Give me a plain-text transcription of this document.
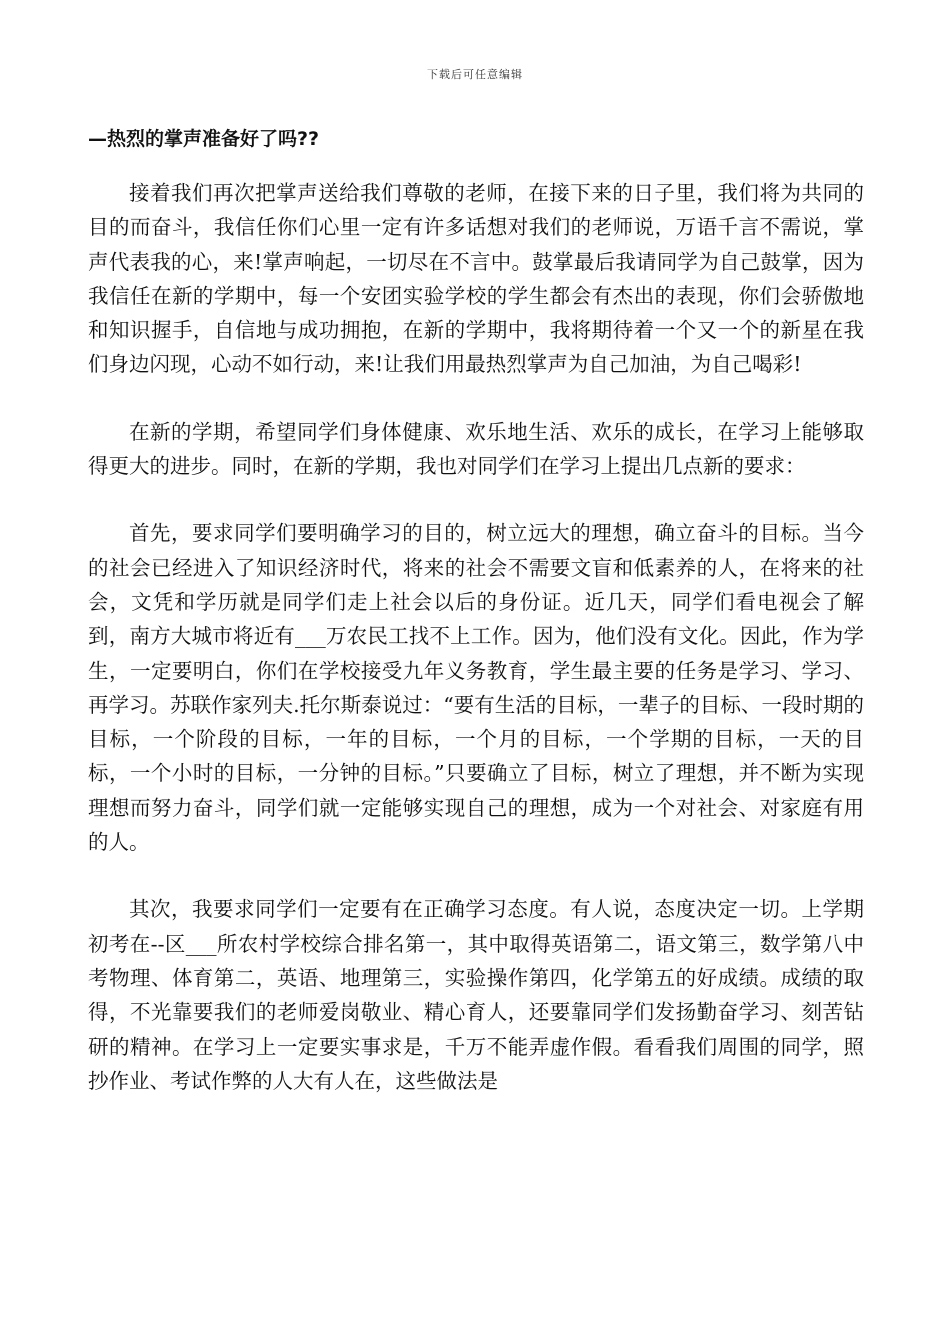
下载后可任意编辑
—热烈的掌声准备好了吗??

接着我们再次把掌声送给我们尊敬的老师，在接下来的日子里，我们将为共同的目的而奋斗，我信任你们心里一定有许多话想对我们的老师说，万语千言不需说，掌声代表我的心，来!掌声响起，一切尽在不言中。鼓掌最后我请同学为自己鼓掌，因为我信任在新的学期中，每一个安团实验学校的学生都会有杰出的表现，你们会骄傲地和知识握手，自信地与成功拥抱，在新的学期中，我将期待着一个又一个的新星在我们身边闪现，心动不如行动，来!让我们用最热烈掌声为自己加油，为自己喝彩!

在新的学期，希望同学们身体健康、欢乐地生活、欢乐的成长，在学习上能够取得更大的进步。同时，在新的学期，我也对同学们在学习上提出几点新的要求：

首先，要求同学们要明确学习的目的，树立远大的理想，确立奋斗的目标。当今的社会已经进入了知识经济时代，将来的社会不需要文盲和低素养的人，在将来的社会，文凭和学历就是同学们走上社会以后的身份证。近几天，同学们看电视会了解到，南方大城市将近有___万农民工找不上工作。因为，他们没有文化。因此，作为学生，一定要明白，你们在学校接受九年义务教育，学生最主要的任务是学习、学习、再学习。苏联作家列夫.托尔斯泰说过：“要有生活的目标，一辈子的目标、一段时期的目标，一个阶段的目标，一年的目标，一个月的目标，一个学期的目标，一天的目标，一个小时的目标，一分钟的目标。”只要确立了目标，树立了理想，并不断为实现理想而努力奋斗，同学们就一定能够实现自己的理想，成为一个对社会、对家庭有用的人。

其次，我要求同学们一定要有在正确学习态度。有人说，态度决定一切。上学期初考在--区___所农村学校综合排名第一，其中取得英语第二，语文第三，数学第八中考物理、体育第二，英语、地理第三，实验操作第四，化学第五的好成绩。成绩的取得，不光靠要我们的老师爱岗敬业、精心育人，还要靠同学们发扬勤奋学习、刻苦钻研的精神。在学习上一定要实事求是，千万不能弄虚作假。看看我们周围的同学，照抄作业、考试作弊的人大有人在，这些做法是
